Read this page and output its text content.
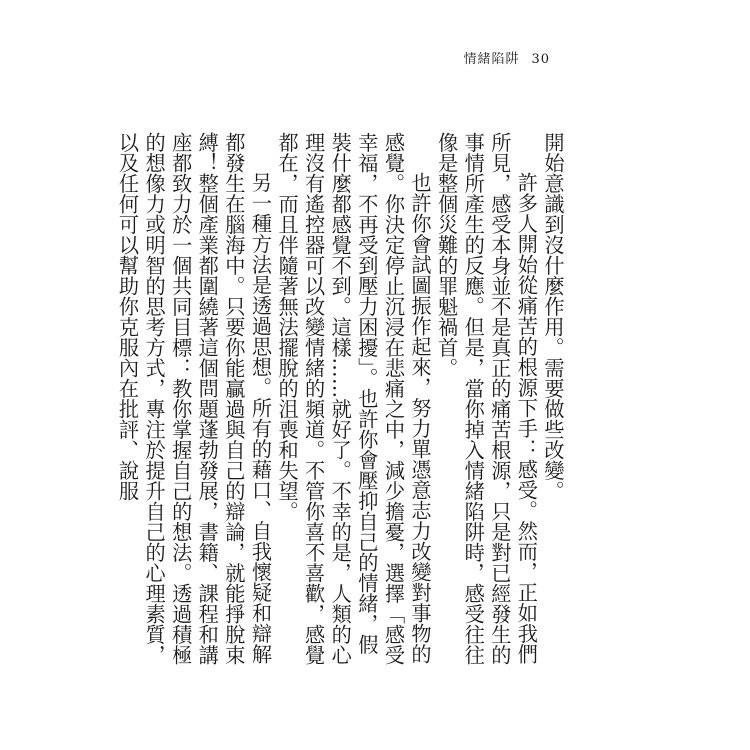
情緒陷阱 30

開始意識到沒什麼作用。需要做些改變。

許多人開始從痛苦的根源下手：感受。然而，正如我們所見，感受本身並不是真正的痛苦根源，只是對已經發生的事情所產生的反應。但是，當你掉入情緒陷阱時，感受往往像是整個災難的罪魁禍首。

也許你會試圖振作起來，努力單憑意志力改變對事物的感覺。你決定停止沉浸在悲痛之中，減少擔憂，選擇「感受幸福，不再受到壓力困擾」。也許你會壓抑自己的情緒，假裝什麼都感覺不到。這樣……就好了。不幸的是，人類的心理沒有遙控器可以改變情緒的頻道。不管你喜不喜歡，感覺都在，而且伴隨著無法擺脫的沮喪和失望。

另一種方法是透過思想。所有的藉口、自我懷疑和辯解都發生在腦海中。只要你能贏過與自己的辯論，就能掙脫束縛！整個產業都圍繞著這個問題蓬勃發展，書籍、課程和講座都致力於一個共同目標：教你掌握自己的想法。透過積極的想像力或明智的思考方式，專注於提升自己的心理素質，以及任何可以幫助你克服內在批評、說服
